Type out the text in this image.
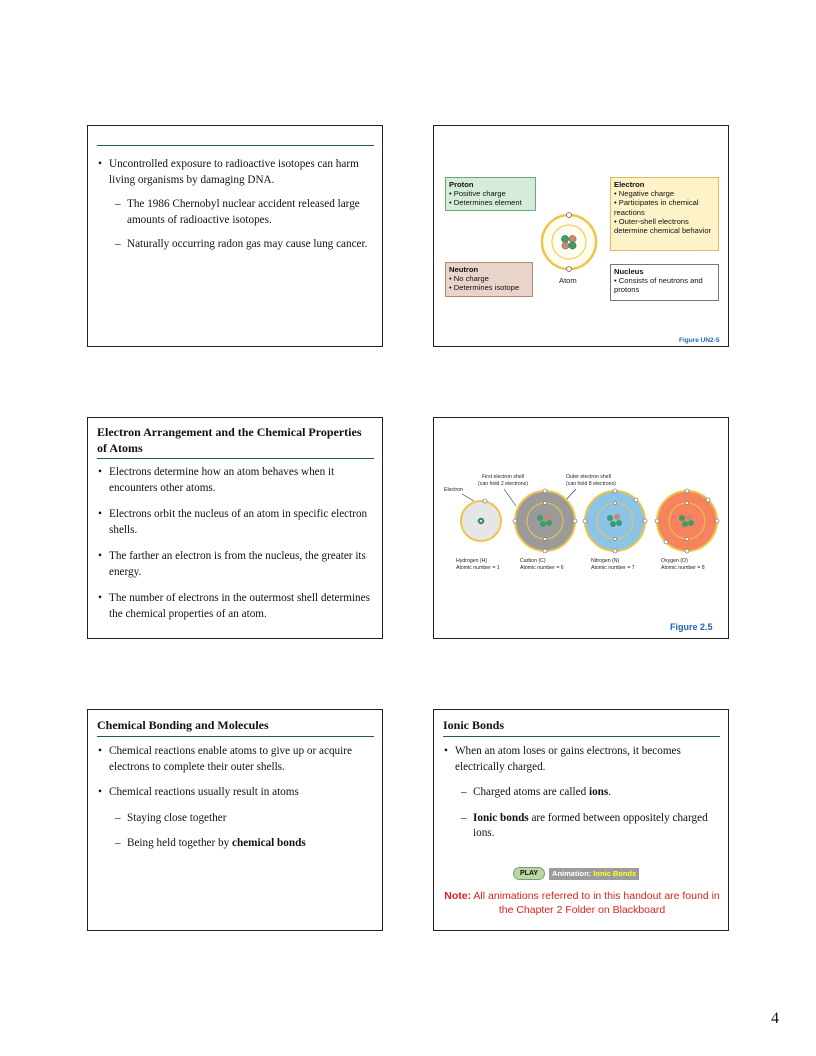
• Uncontrolled exposure to radioactive isotopes can harm living organisms by damaging DNA.
– The 1986 Chernobyl nuclear accident released large amounts of radioactive isotopes.
– Naturally occurring radon gas may cause lung cancer.
Proton
• Positive charge
• Determines element
Electron
• Negative charge
• Participates in chemical reactions
• Outer-shell electrons determine chemical behavior
Neutron
• No charge
• Determines isotope
Nucleus
• Consists of neutrons and protons
Atom
Figure UN2-5
Electron Arrangement and the Chemical Properties of Atoms
• Electrons determine how an atom behaves when it encounters other atoms.
• Electrons orbit the nucleus of an atom in specific electron shells.
• The farther an electron is from the nucleus, the greater its energy.
• The number of electrons in the outermost shell determines the chemical properties of an atom.
First electron shell
(can hold 2 electrons)
Outer electron shell
(can hold 8 electrons)
Electron
Hydrogen (H)
Atomic number = 1
Carbon (C)
Atomic number = 6
Nitrogen (N)
Atomic number = 7
Oxygen (O)
Atomic number = 8
Figure 2.5
Chemical Bonding and Molecules
• Chemical reactions enable atoms to give up or acquire electrons to complete their outer shells.
• Chemical reactions usually result in atoms
– Staying close together
– Being held together by chemical bonds
Ionic Bonds
• When an atom loses or gains electrons, it becomes electrically charged.
– Charged atoms are called ions.
– Ionic bonds are formed between oppositely charged ions.
PLAY	Animation: Ionic Bonds
Note: All animations referred to in this handout are found in the Chapter 2 Folder on Blackboard
4
